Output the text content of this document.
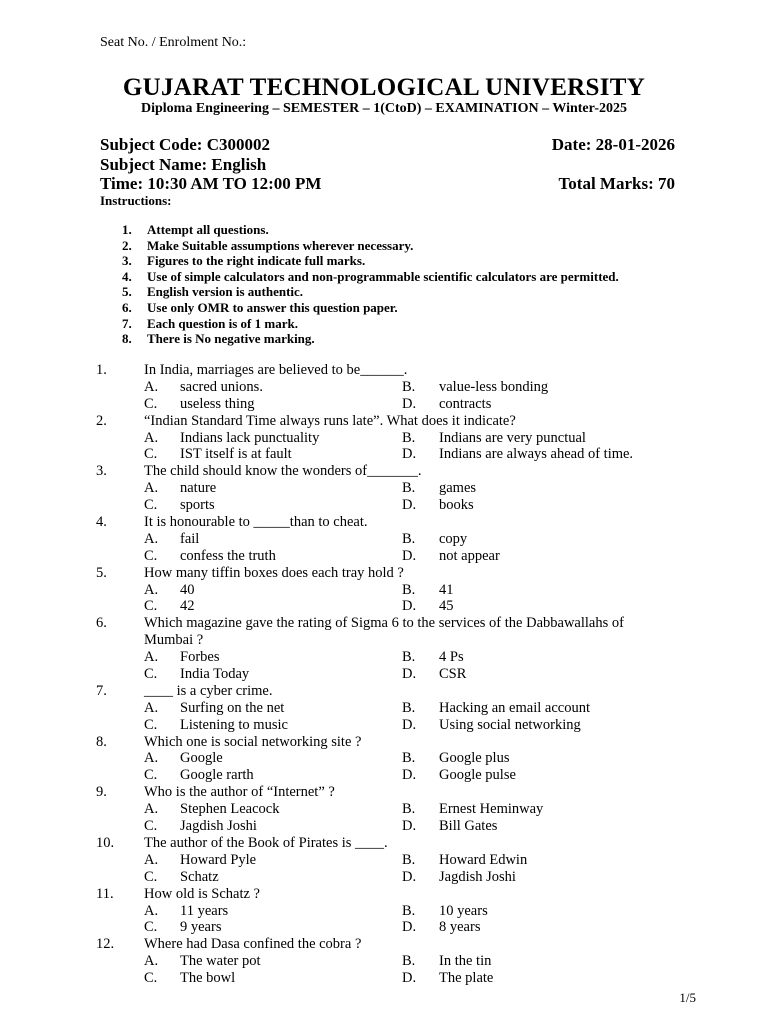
Seat No. / Enrolment No.:
GUJARAT TECHNOLOGICAL UNIVERSITY
Diploma Engineering – SEMESTER – 1(CtoD) – EXAMINATION – Winter-2025
Subject Code: C300002	Date: 28-01-2026
Subject Name: English
Time: 10:30 AM TO 12:00 PM	Total Marks: 70
Instructions:
1. Attempt all questions.
2. Make Suitable assumptions wherever necessary.
3. Figures to the right indicate full marks.
4. Use of simple calculators and non-programmable scientific calculators are permitted.
5. English version is authentic.
6. Use only OMR to answer this question paper.
7. Each question is of 1 mark.
8. There is No negative marking.
1.	In India, marriages are believed to be______.
A. sacred unions.	B. value-less bonding
C. useless thing	D. contracts
2.	“Indian Standard Time always runs late”. What does it indicate?
A. Indians lack punctuality	B. Indians are very punctual
C. IST itself is at fault	D. Indians are always ahead of time.
3.	The child should know the wonders of_______.
A. nature	B. games
C. sports	D. books
4.	It is honourable to _____than to cheat.
A. fail	B. copy
C. confess the truth	D. not appear
5.	How many tiffin boxes does each tray hold ?
A. 40	B. 41
C. 42	D. 45
6.	Which magazine gave the rating of Sigma 6 to the services of the Dabbawallahs of
Mumbai ?
A. Forbes	B. 4 Ps
C. India Today	D. CSR
7.	____ is a cyber crime.
A. Surfing on the net	B. Hacking an email account
C. Listening to music	D. Using social networking
8.	Which one is social networking site ?
A. Google	B. Google plus
C. Google rarth	D. Google pulse
9.	Who is the author of “Internet” ?
A. Stephen Leacock	B. Ernest Heminway
C. Jagdish Joshi	D. Bill Gates
10. The author of the Book of Pirates is ____.
A. Howard Pyle	B. Howard Edwin
C. Schatz	D. Jagdish Joshi
11. How old is Schatz ?
A. 11 years	B. 10 years
C. 9 years	D. 8 years
12. Where had Dasa confined the cobra ?
A. The water pot	B. In the tin
C. The bowl	D. The plate
1/5
